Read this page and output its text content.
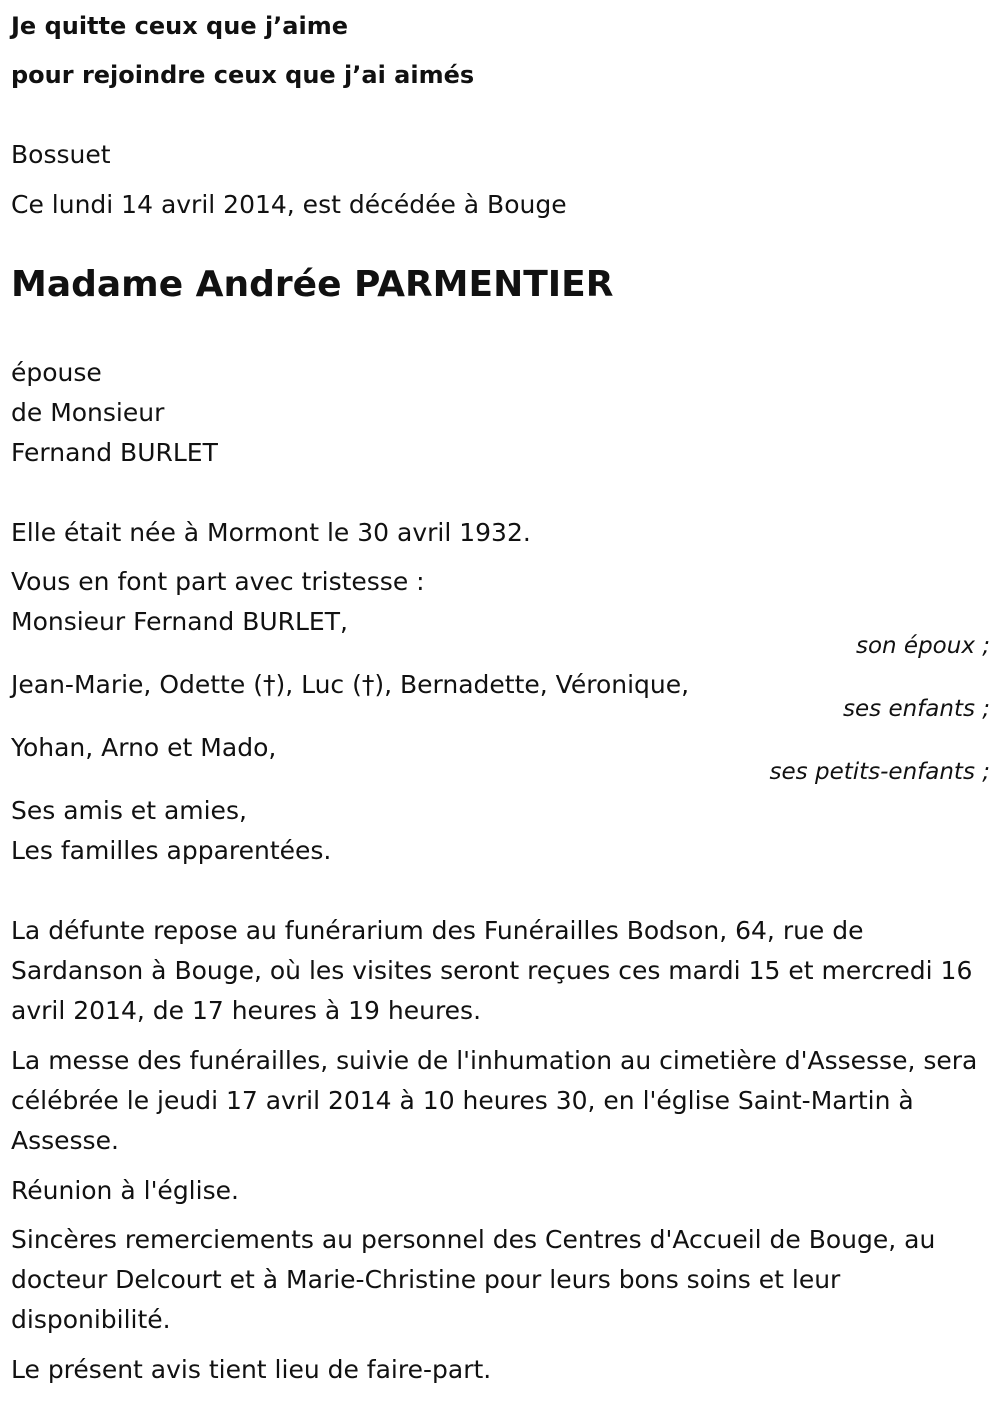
Je quitte ceux que j’aime
pour rejoindre ceux que j’ai aimés
Bossuet
Ce lundi 14 avril 2014, est décédée à Bouge
Madame Andrée PARMENTIER
épouse
de Monsieur
Fernand BURLET
Elle était née à Mormont le 30 avril 1932.
Vous en font part avec tristesse :
Monsieur Fernand BURLET,
son époux ;
Jean-Marie, Odette (†), Luc (†), Bernadette, Véronique,
ses enfants ;
Yohan, Arno et Mado,
ses petits-enfants ;
Ses amis et amies,
Les familles apparentées.
La défunte repose au funérarium des Funérailles Bodson, 64, rue de Sardanson à Bouge, où les visites seront reçues ces mardi 15 et mercredi 16 avril 2014, de 17 heures à 19 heures.
La messe des funérailles, suivie de l'inhumation au cimetière d'Assesse, sera célébrée le jeudi 17 avril 2014 à 10 heures 30, en l'église Saint-Martin à Assesse.
Réunion à l'église.
Sincères remerciements au personnel des Centres d'Accueil de Bouge, au docteur Delcourt et à Marie-Christine pour leurs bons soins et leur disponibilité.
Le présent avis tient lieu de faire-part.
